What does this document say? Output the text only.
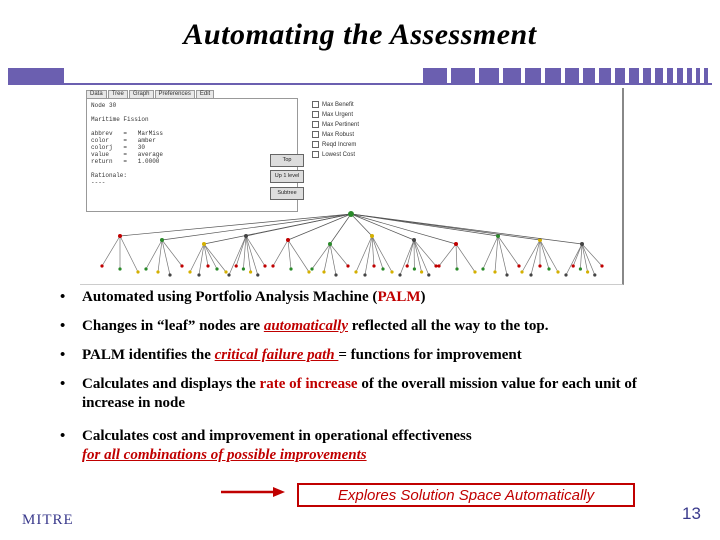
Automating the Assessment
Data	Tree	Graph	Preferences	Edit
Node 30

Maritime Fission

abbrev   =   MarMiss
color    =   amber
colorj   =   30
value    =   average
return   =   1.0000

Rationale:
----
Top
Up 1 level
Subtree
Max Benefit
Max Urgent
Max Pertinent
Max Robust
Reqd Increm
Lowest Cost
• Automated using Portfolio Analysis Machine (PALM)
• Changes in “leaf” nodes are automatically reflected all the way to the top.
• PALM identifies the critical failure path = functions for improvement
• Calculates and displays the rate of increase of the overall mission value for each unit of increase in node
• Calculates cost and improvement in operational effectiveness
for all combinations of possible improvements
Explores Solution Space Automatically
MITRE	13
